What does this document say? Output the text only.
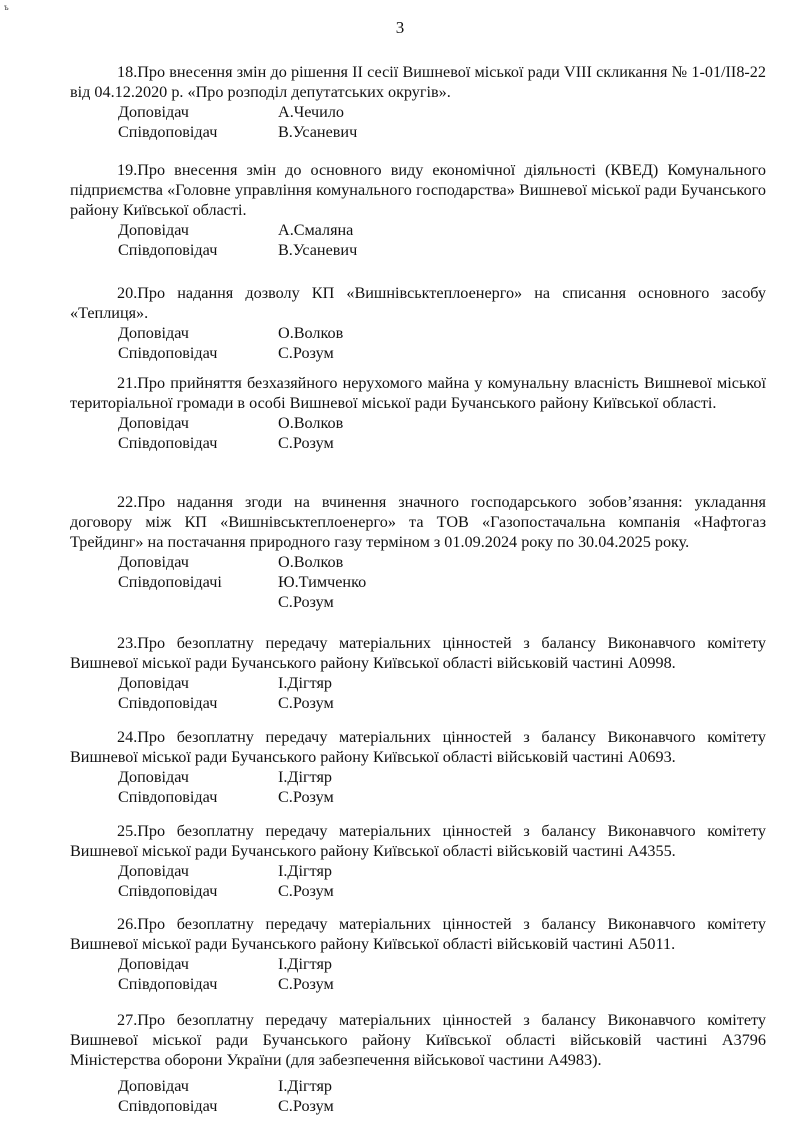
ъ
3

18.Про внесення змін до рішення ІІ сесії Вишневої міської ради VIII скликання № 1-01/ІІ8-22 від 04.12.2020 р. «Про розподіл депутатських округів».

Доповідач	А.Чечило
Співдоповідач	В.Усаневич

19.Про внесення змін до основного виду економічної діяльності (КВЕД) Комунального підприємства «Головне управління комунального господарства» Вишневої міської ради Бучанського району Київської області.

Доповідач	А.Смаляна
Співдоповідач	В.Усаневич

20.Про надання дозволу КП «Вишнівськтеплоенерго» на списання основного засобу «Теплиця».

Доповідач	О.Волков
Співдоповідач	С.Розум

21.Про прийняття безхазяйного нерухомого майна у комунальну власність Вишневої міської територіальної громади в особі Вишневої міської ради Бучанського району Київської області.

Доповідач	О.Волков
Співдоповідач	С.Розум

22.Про надання згоди на вчинення значного господарського зобов’язання: укладання договору між КП «Вишнівськтеплоенерго» та ТОВ «Газопостачальна компанія «Нафтогаз Трейдинг» на постачання природного газу терміном з 01.09.2024 року по 30.04.2025 року.

Доповідач	О.Волков
Співдоповідачі	Ю.Тимченко
С.Розум

23.Про безоплатну передачу матеріальних цінностей з балансу Виконавчого комітету Вишневої міської ради Бучанського району Київської області військовій частині А0998.

Доповідач	І.Дігтяр
Співдоповідач	С.Розум

24.Про безоплатну передачу матеріальних цінностей з балансу Виконавчого комітету Вишневої міської ради Бучанського району Київської області військовій частині А0693.

Доповідач	І.Дігтяр
Співдоповідач	С.Розум

25.Про безоплатну передачу матеріальних цінностей з балансу Виконавчого комітету Вишневої міської ради Бучанського району Київської області військовій частині А4355.

Доповідач	І.Дігтяр
Співдоповідач	С.Розум

26.Про безоплатну передачу матеріальних цінностей з балансу Виконавчого комітету Вишневої міської ради Бучанського району Київської області військовій частині А5011.

Доповідач	І.Дігтяр
Співдоповідач	С.Розум

27.Про безоплатну передачу матеріальних цінностей з балансу Виконавчого комітету Вишневої міської ради Бучанського району Київської області військовій частині А3796 Міністерства оборони України (для забезпечення військової частини А4983).

Доповідач	І.Дігтяр
Співдоповідач	С.Розум
